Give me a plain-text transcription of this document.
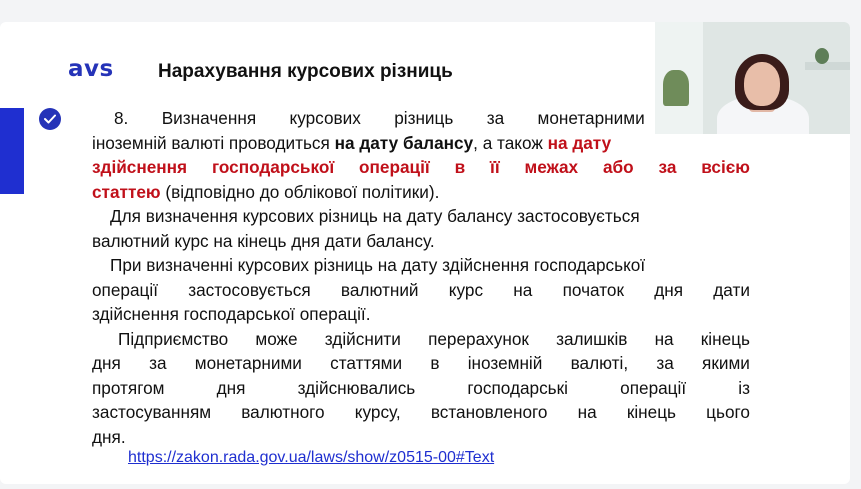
avs Нарахування курсових різниць
8. Визначення курсових різниць за монетарними
іноземній валюті проводиться на дату балансу, а також на дату
здійснення господарської операції в її межах або за всією
статтею (відповідно до облікової політики).
Для визначення курсових різниць на дату балансу застосовується
валютний курс на кінець дня дати балансу.
При визначенні курсових різниць на дату здійснення господарської
операції застосовується валютний курс на початок дня дати
здійснення господарської операції.
Підприємство може здійснити перерахунок залишків на кінець
дня за монетарними статтями в іноземній валюті, за якими
протягом	дня	здійснювались	господарські	операції	із
застосуванням валютного курсу, встановленого на кінець цього
дня.
https://zakon.rada.gov.ua/laws/show/z0515-00#Text
